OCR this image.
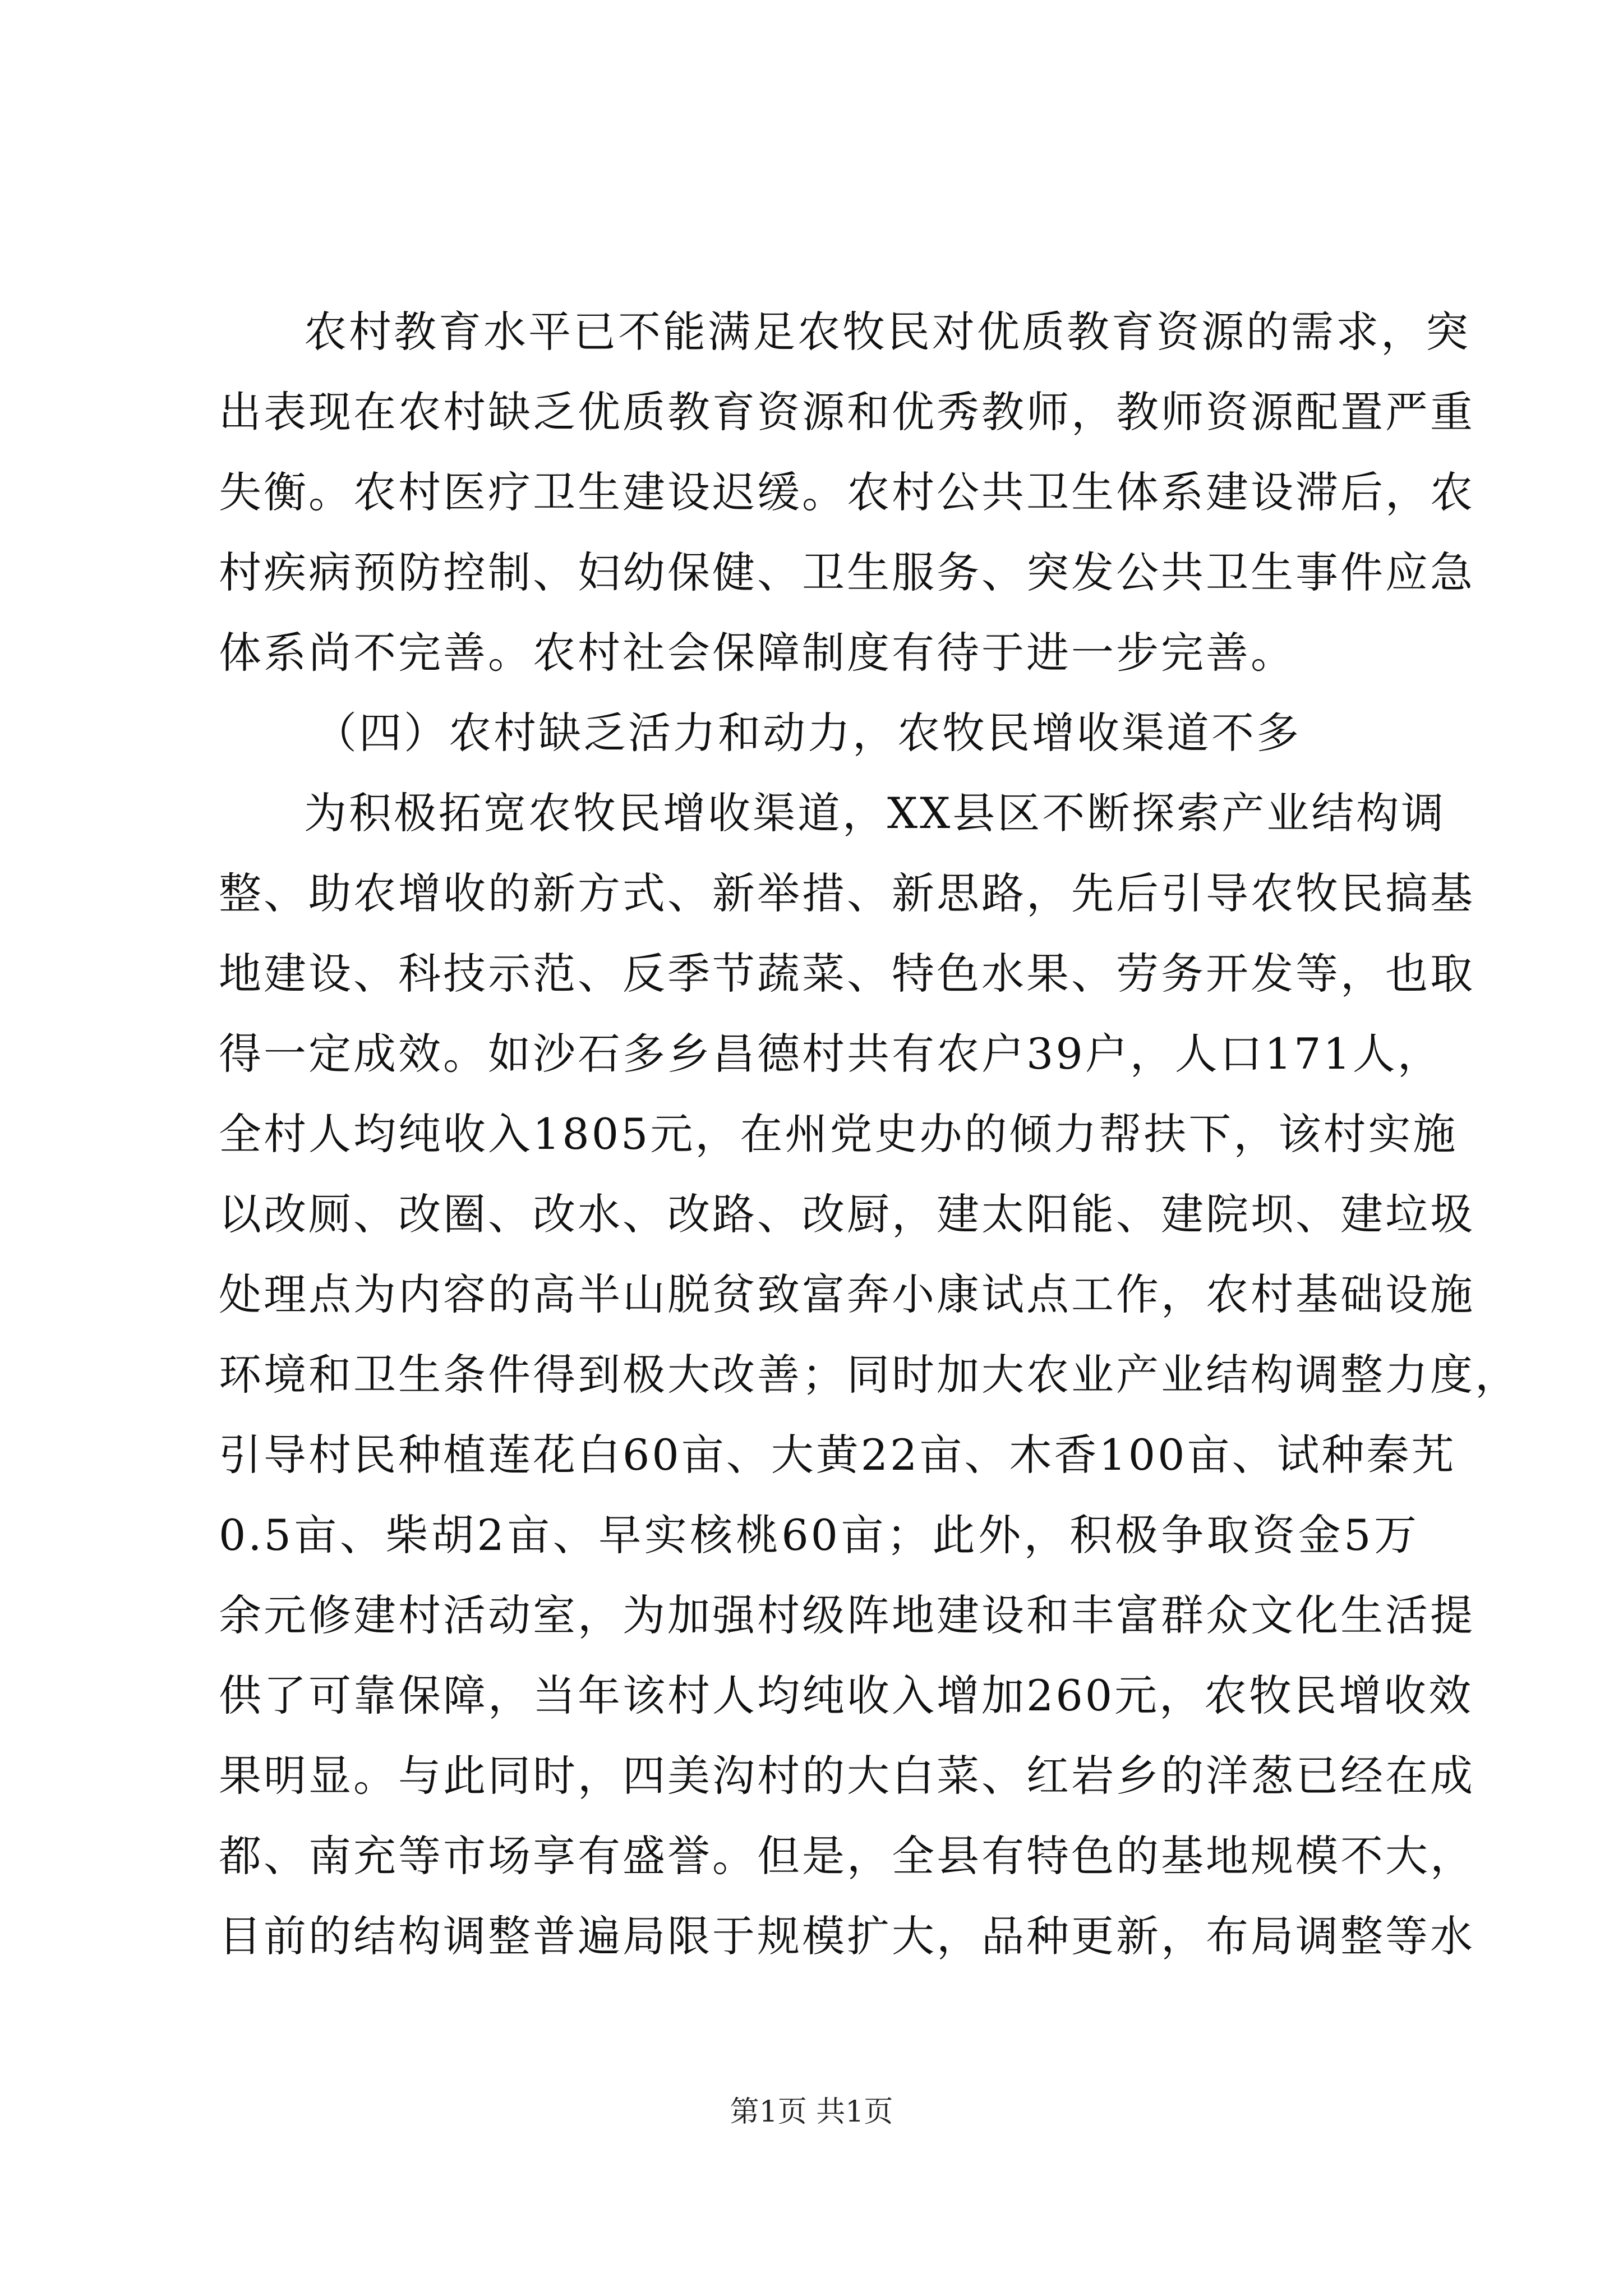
农村教育水平已不能满足农牧民对优质教育资源的需求，突
出表现在农村缺乏优质教育资源和优秀教师，教师资源配置严重
失衡。农村医疗卫生建设迟缓。农村公共卫生体系建设滞后，农
村疾病预防控制、妇幼保健、卫生服务、突发公共卫生事件应急
体系尚不完善。农村社会保障制度有待于进一步完善。
（四）农村缺乏活力和动力，农牧民增收渠道不多
为积极拓宽农牧民增收渠道，XX县区不断探索产业结构调
整、助农增收的新方式、新举措、新思路，先后引导农牧民搞基
地建设、科技示范、反季节蔬菜、特色水果、劳务开发等，也取
得一定成效。如沙石多乡昌德村共有农户39户，人口171人，
全村人均纯收入1805元，在州党史办的倾力帮扶下，该村实施
以改厕、改圈、改水、改路、改厨，建太阳能、建院坝、建垃圾
处理点为内容的高半山脱贫致富奔小康试点工作，农村基础设施
环境和卫生条件得到极大改善；同时加大农业产业结构调整力度，
引导村民种植莲花白60亩、大黄22亩、木香100亩、试种秦艽
0.5亩、柴胡2亩、早实核桃60亩；此外，积极争取资金5万
余元修建村活动室，为加强村级阵地建设和丰富群众文化生活提
供了可靠保障，当年该村人均纯收入增加260元，农牧民增收效
果明显。与此同时，四美沟村的大白菜、红岩乡的洋葱已经在成
都、南充等市场享有盛誉。但是，全县有特色的基地规模不大，
目前的结构调整普遍局限于规模扩大，品种更新，布局调整等水
第1页 共1页
